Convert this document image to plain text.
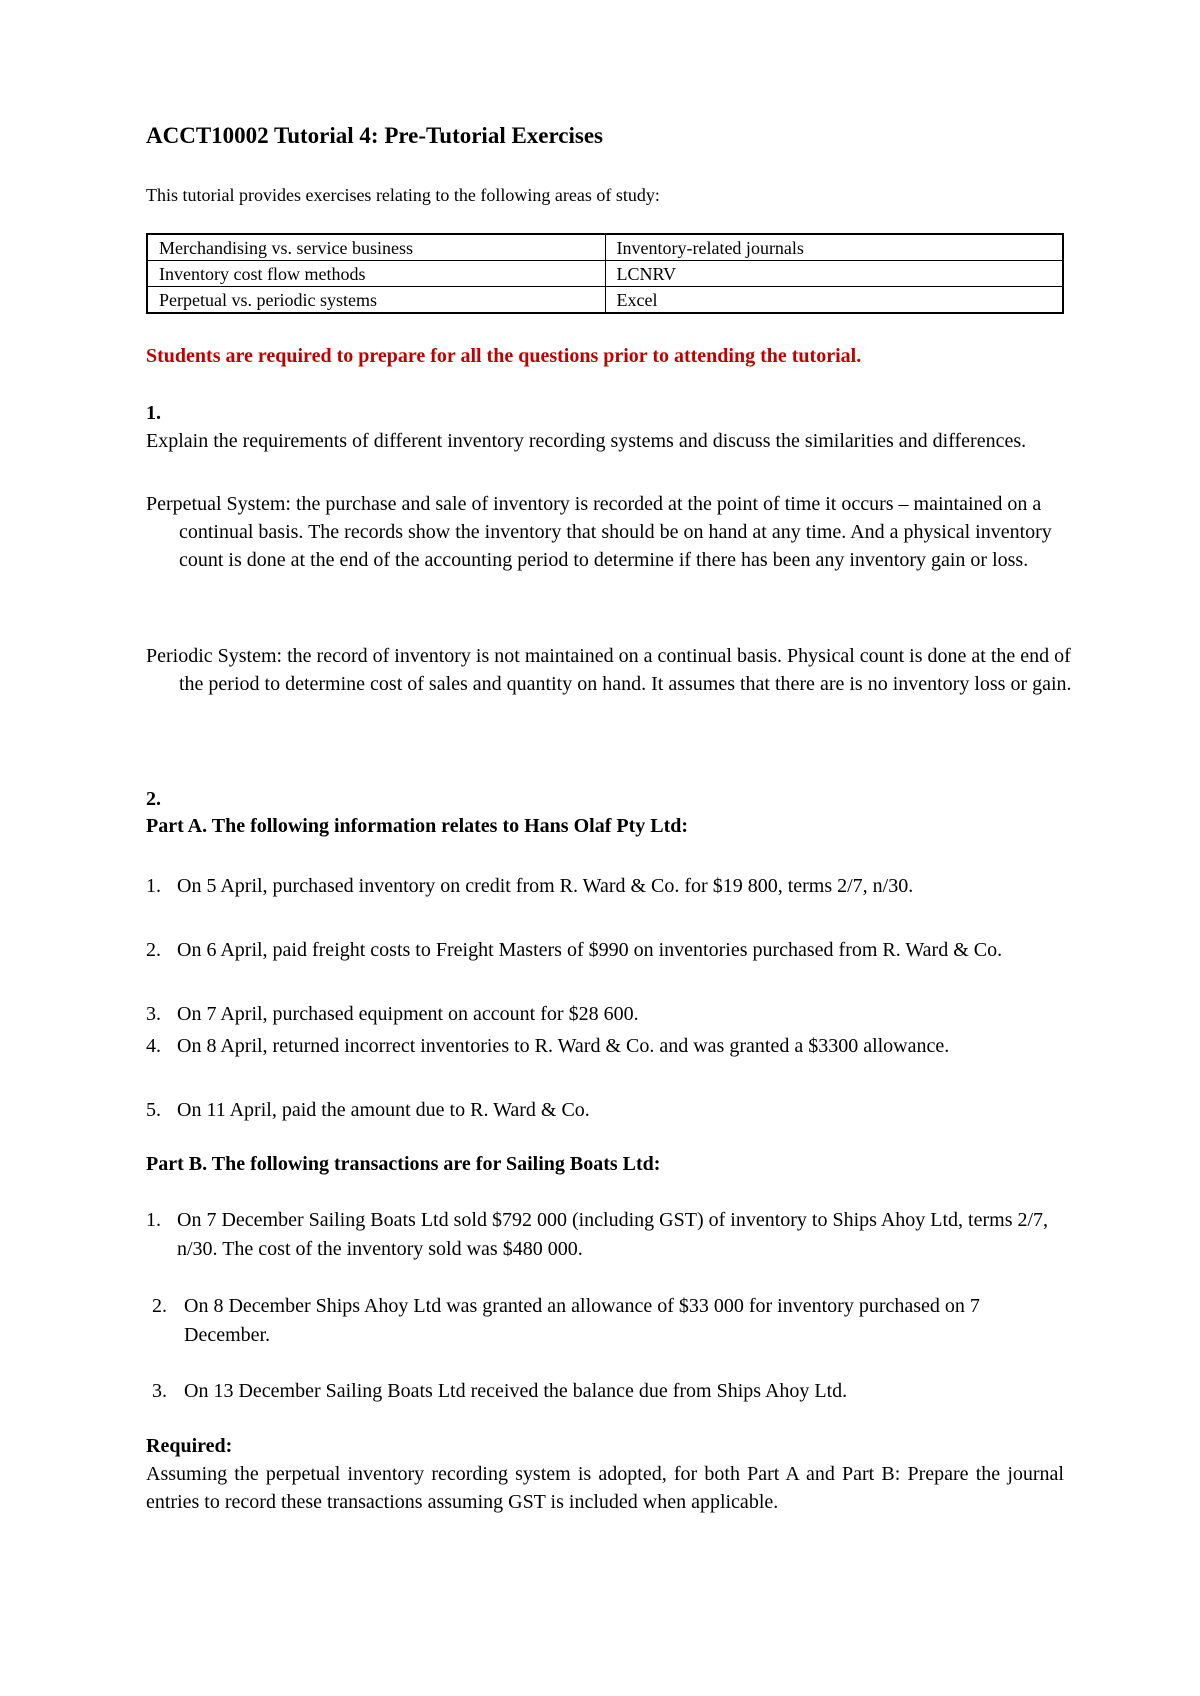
ACCT10002 Tutorial 4: Pre-Tutorial Exercises
This tutorial provides exercises relating to the following areas of study:
Merchandising vs. service business	Inventory-related journals
Inventory cost flow methods	LCNRV
Perpetual vs. periodic systems	Excel
Students are required to prepare for all the questions prior to attending the tutorial.
1.
Explain the requirements of different inventory recording systems and discuss the similarities and differences.
Perpetual System: the purchase and sale of inventory is recorded at the point of time it occurs – maintained on a continual basis. The records show the inventory that should be on hand at any time. And a physical inventory count is done at the end of the accounting period to determine if there has been any inventory gain or loss.
Periodic System: the record of inventory is not maintained on a continual basis. Physical count is done at the end of the period to determine cost of sales and quantity on hand. It assumes that there are is no inventory loss or gain.
2.
Part A. The following information relates to Hans Olaf Pty Ltd:
1. On 5 April, purchased inventory on credit from R. Ward & Co. for $19 800, terms 2/7, n/30.
2. On 6 April, paid freight costs to Freight Masters of $990 on inventories purchased from R. Ward & Co.
3. On 7 April, purchased equipment on account for $28 600.
4. On 8 April, returned incorrect inventories to R. Ward & Co. and was granted a $3300 allowance.
5. On 11 April, paid the amount due to R. Ward & Co.
Part B. The following transactions are for Sailing Boats Ltd:
1. On 7 December Sailing Boats Ltd sold $792 000 (including GST) of inventory to Ships Ahoy Ltd, terms 2/7, n/30. The cost of the inventory sold was $480 000.
2. On 8 December Ships Ahoy Ltd was granted an allowance of $33 000 for inventory purchased on 7 December.
3. On 13 December Sailing Boats Ltd received the balance due from Ships Ahoy Ltd.
Required:
Assuming the perpetual inventory recording system is adopted, for both Part A and Part B: Prepare the journal entries to record these transactions assuming GST is included when applicable.
